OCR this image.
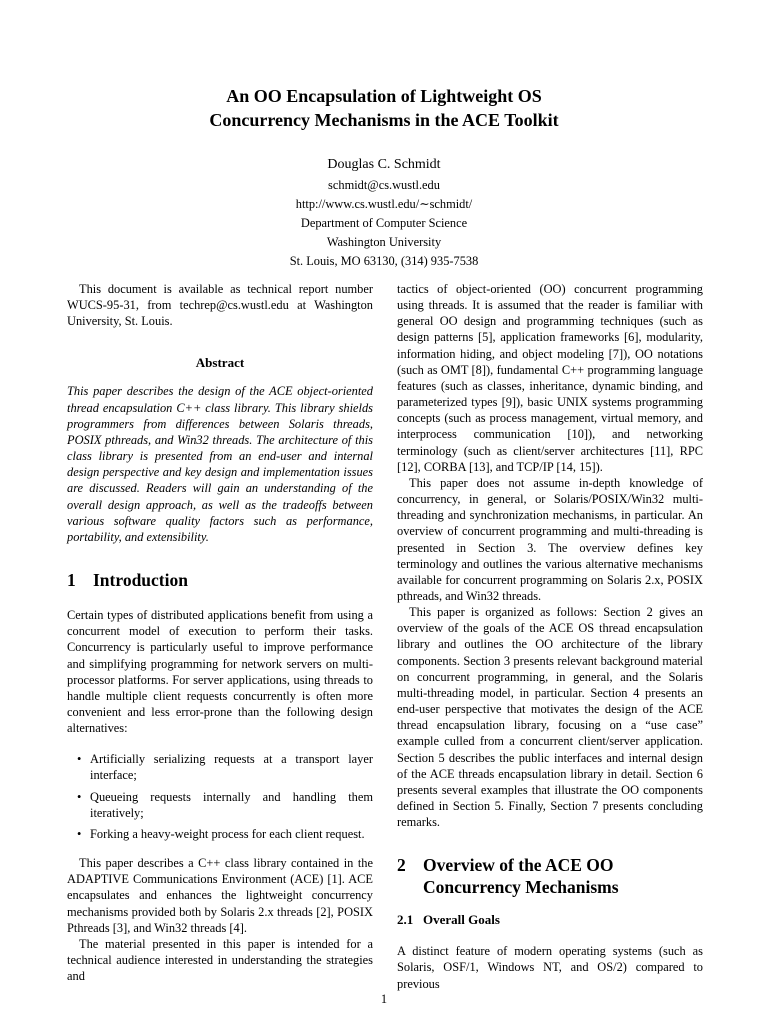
An OO Encapsulation of Lightweight OS
Concurrency Mechanisms in the ACE Toolkit
Douglas C. Schmidt
schmidt@cs.wustl.edu
http://www.cs.wustl.edu/∼schmidt/
Department of Computer Science
Washington University
St. Louis, MO 63130, (314) 935-7538

This document is available as technical report number WUCS-95-31, from techrep@cs.wustl.edu at Washington University, St. Louis.

Abstract

This paper describes the design of the ACE object-oriented thread encapsulation C++ class library. This library shields programmers from differences between Solaris threads, POSIX pthreads, and Win32 threads. The architecture of this class library is presented from an end-user and internal design perspective and key design and implementation issues are discussed. Readers will gain an understanding of the overall design approach, as well as the tradeoffs between various software quality factors such as performance, portability, and extensibility.

1 Introduction

Certain types of distributed applications benefit from using a concurrent model of execution to perform their tasks. Concurrency is particularly useful to improve performance and simplifying programming for network servers on multi-processor platforms. For server applications, using threads to handle multiple client requests concurrently is often more convenient and less error-prone than the following design alternatives:

• Artificially serializing requests at a transport layer interface;
• Queueing requests internally and handling them iteratively;
• Forking a heavy-weight process for each client request.

This paper describes a C++ class library contained in the ADAPTIVE Communications Environment (ACE) [1]. ACE encapsulates and enhances the lightweight concurrency mechanisms provided both by Solaris 2.x threads [2], POSIX Pthreads [3], and Win32 threads [4].

The material presented in this paper is intended for a technical audience interested in understanding the strategies and

tactics of object-oriented (OO) concurrent programming using threads. It is assumed that the reader is familiar with general OO design and programming techniques (such as design patterns [5], application frameworks [6], modularity, information hiding, and object modeling [7]), OO notations (such as OMT [8]), fundamental C++ programming language features (such as classes, inheritance, dynamic binding, and parameterized types [9]), basic UNIX systems programming concepts (such as process management, virtual memory, and interprocess communication [10]), and networking terminology (such as client/server architectures [11], RPC [12], CORBA [13], and TCP/IP [14, 15]).

This paper does not assume in-depth knowledge of concurrency, in general, or Solaris/POSIX/Win32 multi-threading and synchronization mechanisms, in particular. An overview of concurrent programming and multi-threading is presented in Section 3. The overview defines key terminology and outlines the various alternative mechanisms available for concurrent programming on Solaris 2.x, POSIX pthreads, and Win32 threads.

This paper is organized as follows: Section 2 gives an overview of the goals of the ACE OS thread encapsulation library and outlines the OO architecture of the library components. Section 3 presents relevant background material on concurrent programming, in general, and the Solaris multi-threading model, in particular. Section 4 presents an end-user perspective that motivates the design of the ACE thread encapsulation library, focusing on a “use case” example culled from a concurrent client/server application. Section 5 describes the public interfaces and internal design of the ACE threads encapsulation library in detail. Section 6 presents several examples that illustrate the OO components defined in Section 5. Finally, Section 7 presents concluding remarks.

2 Overview of the ACE OO Concurrency Mechanisms
2.1 Overall Goals

A distinct feature of modern operating systems (such as Solaris, OSF/1, Windows NT, and OS/2) compared to previous

1
